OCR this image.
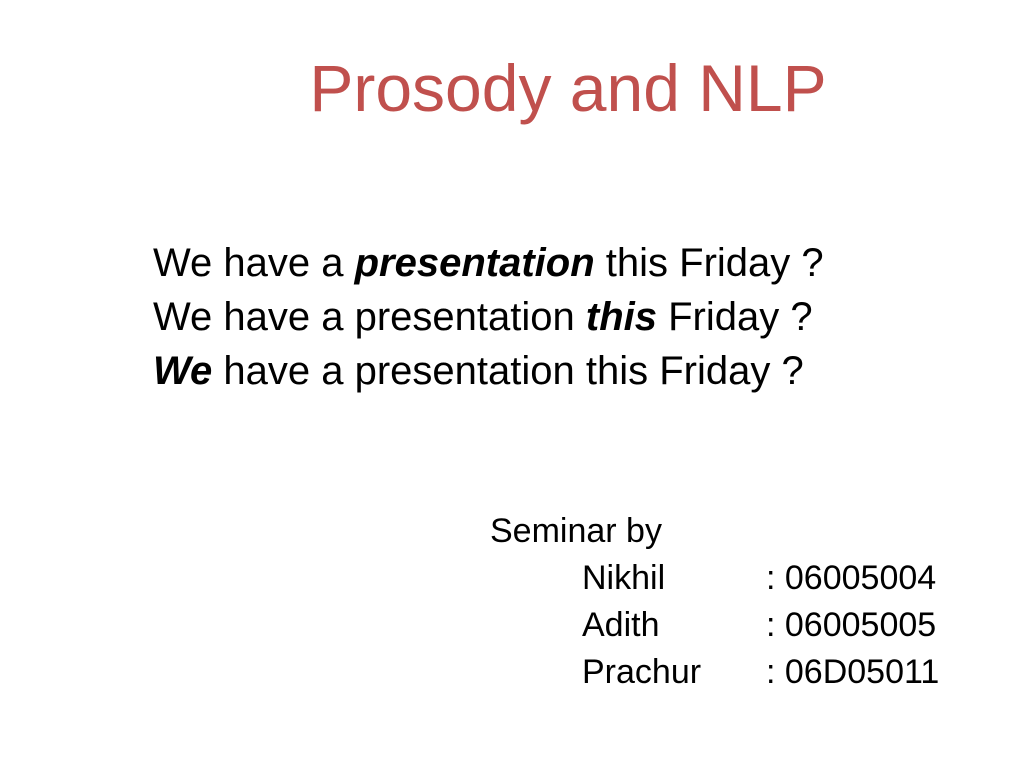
Prosody and NLP
We have a presentation this Friday ?
We have a presentation this Friday ?
We have a presentation this Friday ?
Seminar by
Nikhil	: 06005004
Adith	: 06005005
Prachur : 06D05011
